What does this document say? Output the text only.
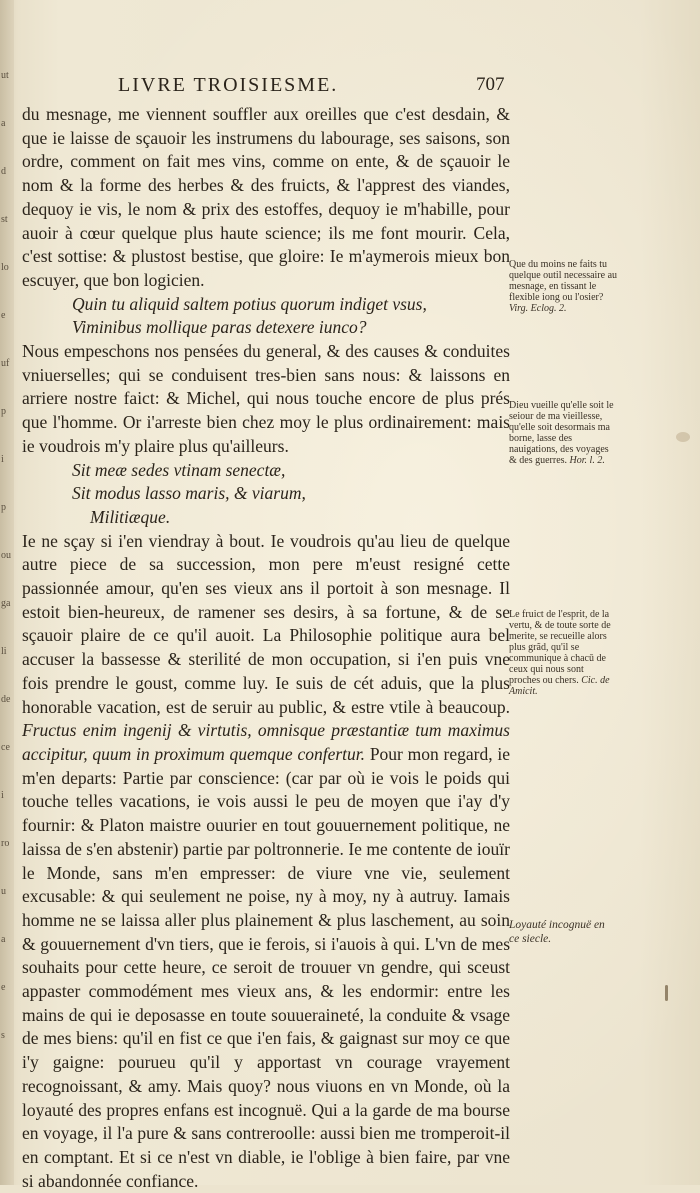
ut
a
d
st
lo
e
uf
p
i
p
ou
ga
li
de
ce
i
ro
u
a
e
s
LIVRE TROISIESME.	707

du mesnage, me viennent souffler aux oreilles que c'est desdain, & que ie laisse de sçauoir les instrumens du labourage, ses saisons, son ordre, comment on fait mes vins, comme on ente, & de sçauoir le nom & la forme des herbes & des fruicts, & l'apprest des viandes, dequoy ie vis, le nom & prix des estoffes, dequoy ie m'habille, pour auoir à cœur quelque plus haute science; ils me font mourir. Cela, c'est sottise: & plustost bestise, que gloire: Ie m'aymerois mieux bon escuyer, que bon logicien.

Quin tu aliquid saltem potius quorum indiget vsus,
Viminibus mollique paras detexere iunco?

Nous empeschons nos pensées du general, & des causes & conduites vniuerselles; qui se conduisent tres-bien sans nous: & laissons en arriere nostre faict: & Michel, qui nous touche encore de plus prés que l'homme. Or i'arreste bien chez moy le plus ordinairement: mais ie voudrois m'y plaire plus qu'ailleurs.

Sit meæ sedes vtinam senectæ,
Sit modus lasso maris, & viarum,
Militiæque.

Ie ne sçay si i'en viendray à bout. Ie voudrois qu'au lieu de quelque autre piece de sa succession, mon pere m'eust resigné cette passionnée amour, qu'en ses vieux ans il portoit à son mesnage. Il estoit bien-heureux, de ramener ses desirs, à sa fortune, & de se sçauoir plaire de ce qu'il auoit. La Philosophie politique aura bel accuser la bassesse & sterilité de mon occupation, si i'en puis vne fois prendre le goust, comme luy. Ie suis de cét aduis, que la plus honorable vacation, est de seruir au public, & estre vtile à beaucoup. Fructus enim ingenij & virtutis, omnisque præstantiæ tum maximus accipitur, quum in proximum quemque confertur. Pour mon regard, ie m'en departs: Partie par conscience: (car par où ie vois le poids qui touche telles vacations, ie vois aussi le peu de moyen que i'ay d'y fournir: & Platon maistre ouurier en tout gouuernement politique, ne laissa de s'en abstenir) partie par poltronnerie. Ie me contente de iouïr le Monde, sans m'en empresser: de viure vne vie, seulement excusable: & qui seulement ne poise, ny à moy, ny à autruy. Iamais homme ne se laissa aller plus plainement & plus laschement, au soin & gouuernement d'vn tiers, que ie ferois, si i'auois à qui. L'vn de mes souhaits pour cette heure, ce seroit de trouuer vn gendre, qui sceust appaster commodément mes vieux ans, & les endormir: entre les mains de qui ie deposasse en toute souueraineté, la conduite & vsage de mes biens: qu'il en fist ce que i'en fais, & gaignast sur moy ce que i'y gaigne: pourueu qu'il y apportast vn courage vrayement recognoissant, & amy. Mais quoy? nous viuons en vn Monde, où la loyauté des propres enfans est incognuë. Qui a la garde de ma bourse en voyage, il l'a pure & sans contreroolle: aussi bien me tromperoit-il en comptant. Et si ce n'est vn diable, ie l'oblige à bien faire, par vne si abandonnée confiance.

Que du moins ne faits tu quelque outil necessaire au mesnage, en tissant le flexible iong ou l'osier? Virg. Eclog. 2.
Dieu vueille qu'elle soit le seiour de ma vieillesse, qu'elle soit desormais ma borne, lasse des nauigations, des voyages & des guerres. Hor. l. 2.
Le fruict de l'esprit, de la vertu, & de toute sorte de merite, se recueille alors plus grãd, qu'il se communique à chacū de ceux qui nous sont proches ou chers. Cic. de Amicit.
Loyauté incognuë en ce siecle.
